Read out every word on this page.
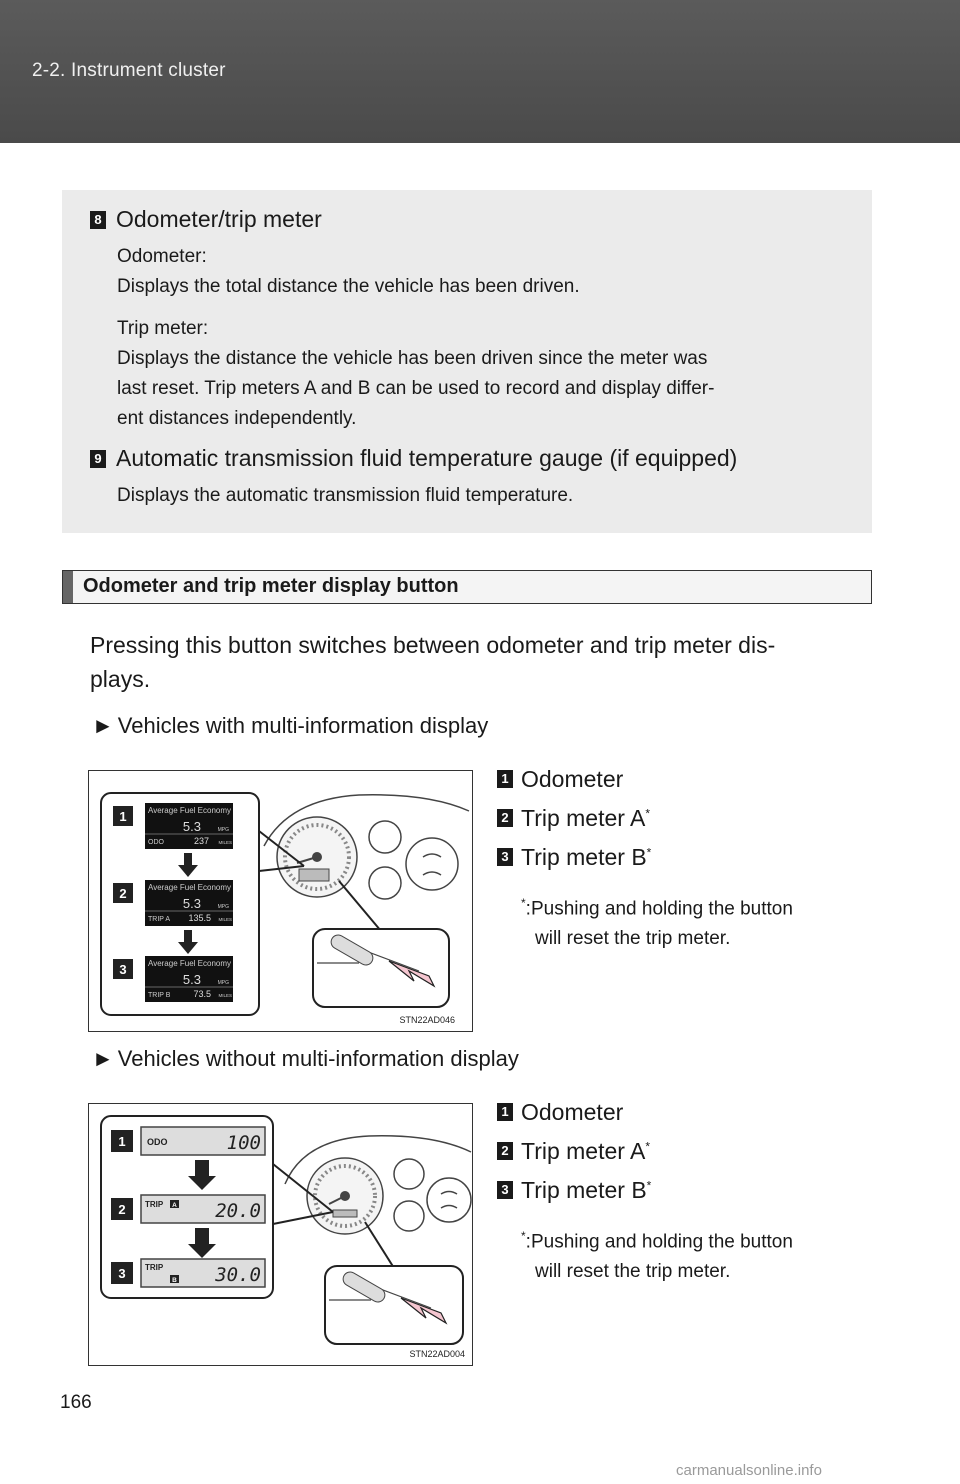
2-2. Instrument cluster
8 Odometer/trip meter
Odometer:
Displays the total distance the vehicle has been driven.
Trip meter:
Displays the distance the vehicle has been driven since the meter was
last reset. Trip meters A and B can be used to record and display differ-
ent distances independently.
9 Automatic transmission fluid temperature gauge (if equipped)
Displays the automatic transmission fluid temperature.
Odometer and trip meter display button
Pressing this button switches between odometer and trip meter dis-
plays.
► Vehicles with multi-information display
1	Average Fuel Economy
5.3	MPG
ODO	237 MILES
2	Average Fuel Economy
5.3	MPG
TRIP A 135.5 MILES
3	Average Fuel Economy
5.3	MPG
TRIP B	73.5 MILES
STN22AD046
1 Odometer
2 Trip meter A*
3 Trip meter B*
*:Pushing and holding the button
will reset the trip meter.
► Vehicles without multi-information display
1 ODO	100
2 TRIP A 20.0
3 TRIP
B 30.0
STN22AD004
1 Odometer
2 Trip meter A*
3 Trip meter B*
*:Pushing and holding the button
will reset the trip meter.
166
carmanualsonline.info
